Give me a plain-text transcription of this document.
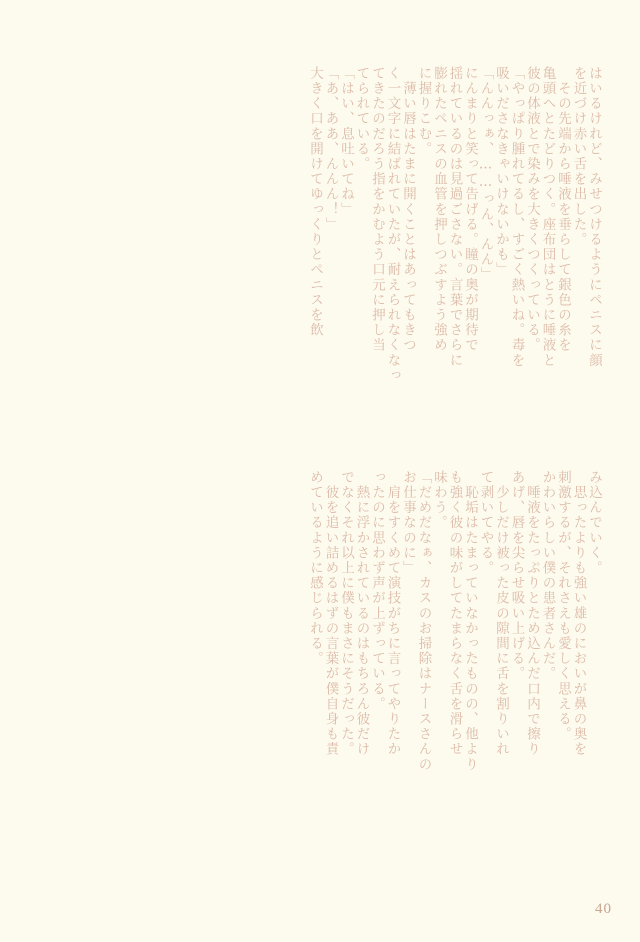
はいるけれど、みせつけるようにペニスに顔
を近づけ赤い舌を出した。
　その先端から唾液を垂らして銀色の糸を
亀頭へとたどりつく。座布団はとうに唾液と
彼の体液とで染みを大きくつくっている。
「やっぱり腫れてるし、すごく熱いね。毒を
吸いださなきゃいけないかも」
「んんっぁ、……っん、んん」
にんまりと笑って告げる。瞳の奥が期待で
揺れているのは見過ごさない。言葉でさらに
膨れたペニスの血管を押しつぶすよう強め
に握りこむ。
　薄い唇はたまに開くことはあってもきつ
く一文字に結ばれていたが、耐えられなくなっ
てきたのだろう指をかむよう口元に押し当
てられている。
「はい、息吐いてね」
「あ、ああ、んんん！」
大きく口を開けてゆっくりとペニスを飲
み込んでいく。
　思ったよりも強い雄のにおいが鼻の奥を
刺激するが、それさえも愛しく思える。
かわいらしい僕の患者さんだ。
　唾液をたっぷりとため込んだ口内で擦り
あげ、唇を尖らせ吸い上げる。
　少しだけ被った皮の隙間に舌を割りいれ
て剥いてやる。
　恥垢はたまっていなかったものの、他より
も強く彼の味がしてたまらなく舌を滑らせ
味わう。
「だめだなぁ、カスのお掃除はナースさんの
お仕事なのに」
　肩をすくめて演技がちに言ってやりたか
ったのに思わず声が上ずっている。
　熱に浮かされているのはもちろん彼だけ
でなくそれ以上に僕もまさにそうだった。
　彼を追い詰めるはずの言葉が僕自身も責
めているように感じられる。
40
